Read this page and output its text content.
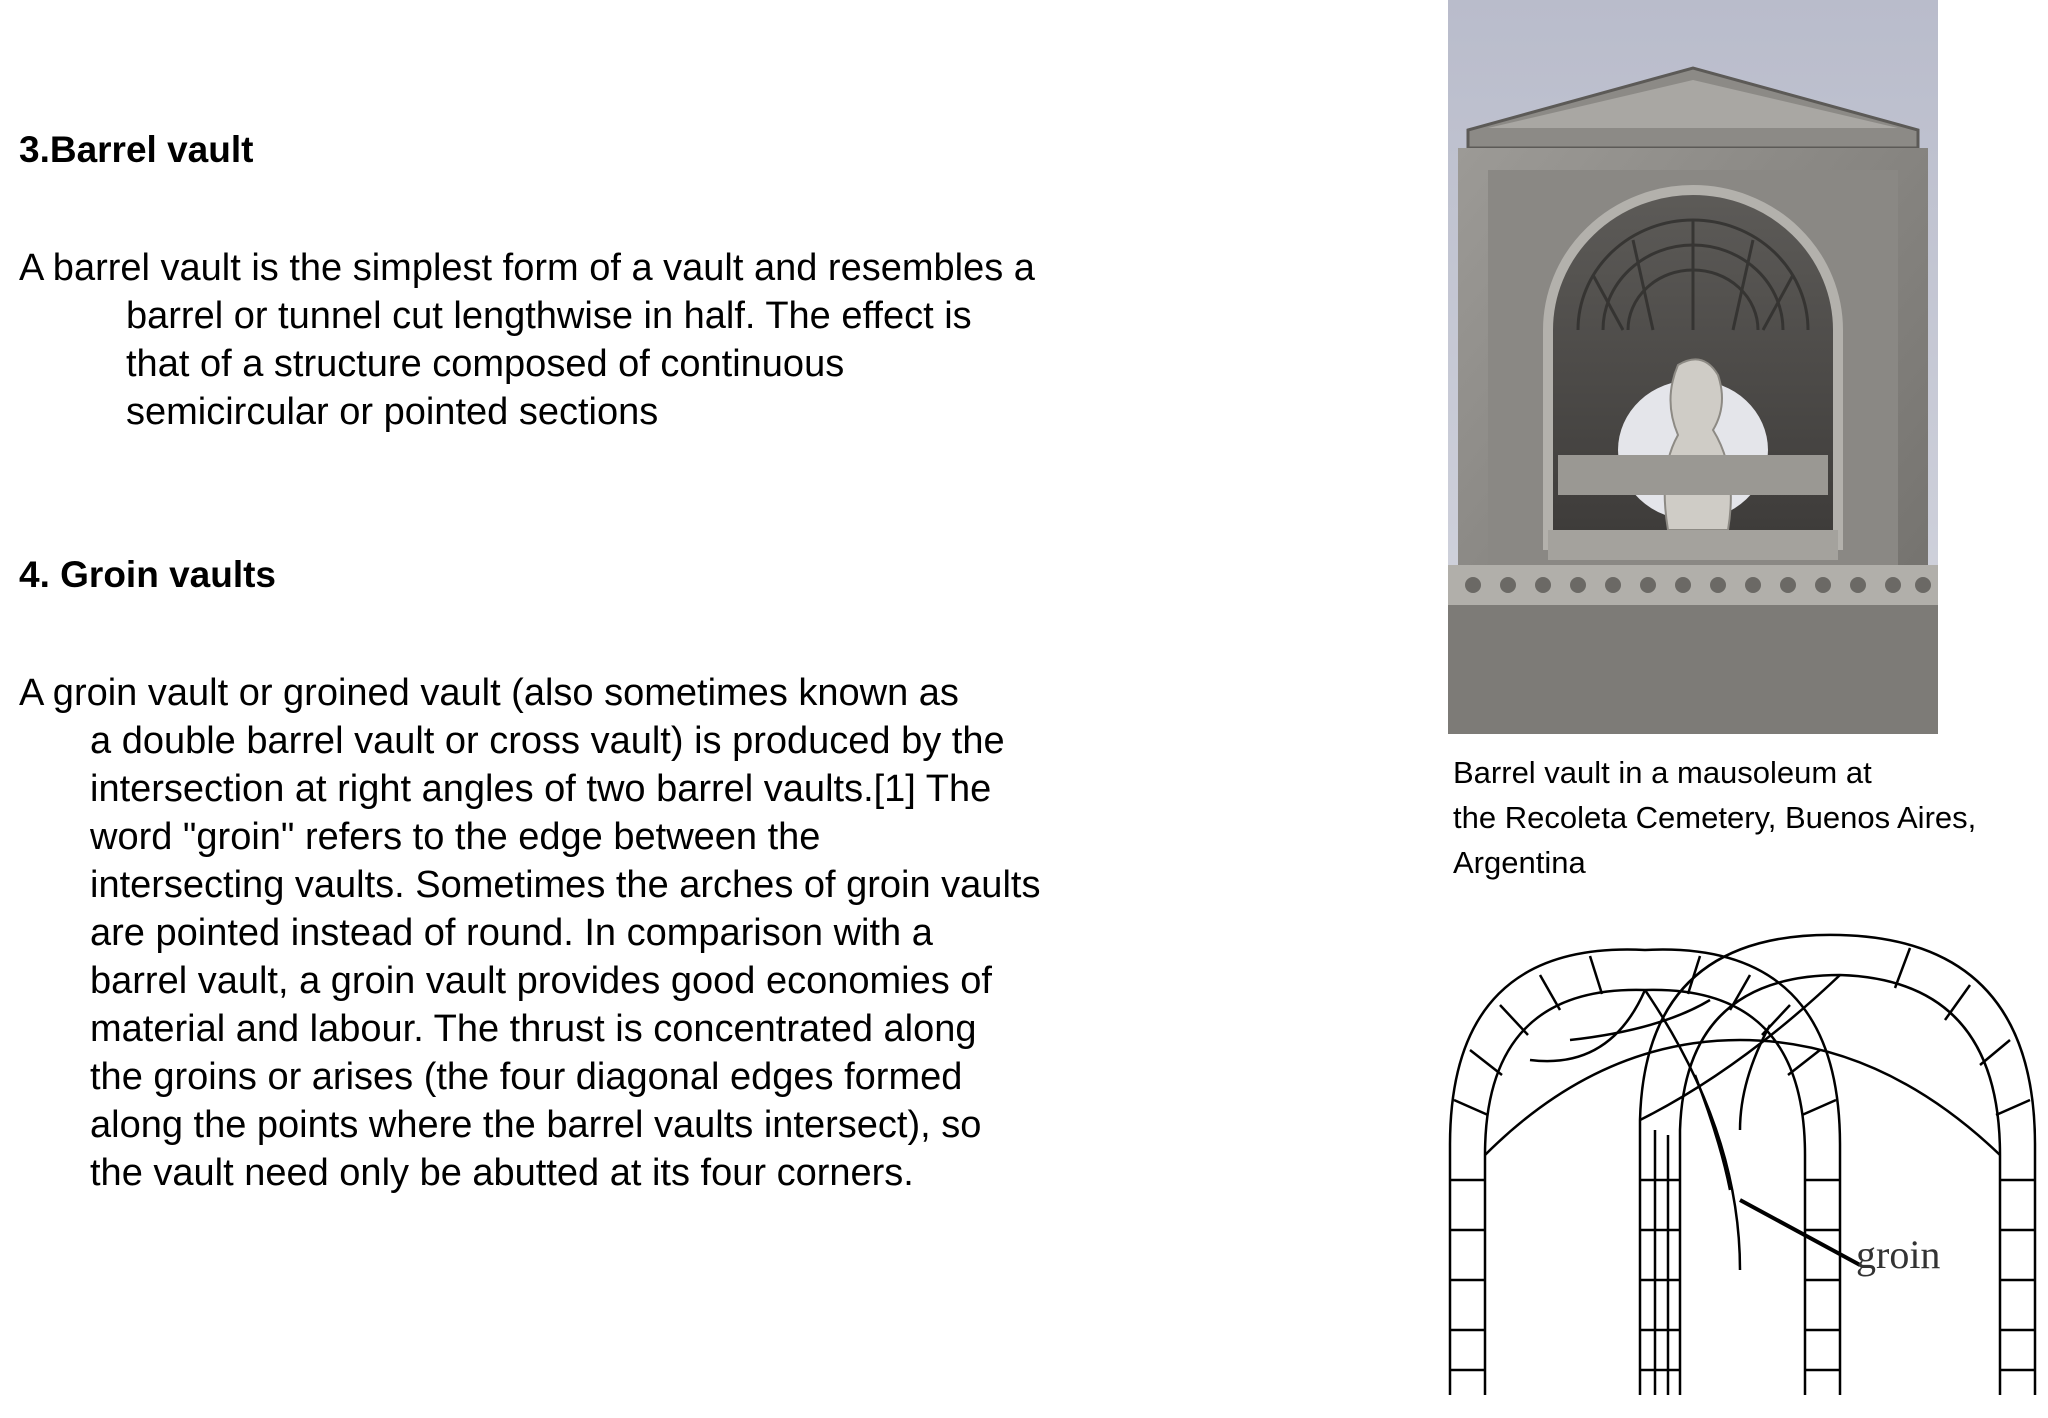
3.Barrel vault

A barrel vault is the simplest form of a vault and resembles a
barrel or tunnel cut lengthwise in half. The effect is
that of a structure composed of continuous
semicircular or pointed sections

4. Groin vaults

A groin vault or groined vault (also sometimes known as
a double barrel vault or cross vault) is produced by the
intersection at right angles of two barrel vaults.[1] The
word "groin" refers to the edge between the
intersecting vaults. Sometimes the arches of groin vaults
are pointed instead of round. In comparison with a
barrel vault, a groin vault provides good economies of
material and labour. The thrust is concentrated along
the groins or arises (the four diagonal edges formed
along the points where the barrel vaults intersect), so
the vault need only be abutted at its four corners.

Barrel vault in a mausoleum at
the Recoleta Cemetery, Buenos Aires,
Argentina

groin
